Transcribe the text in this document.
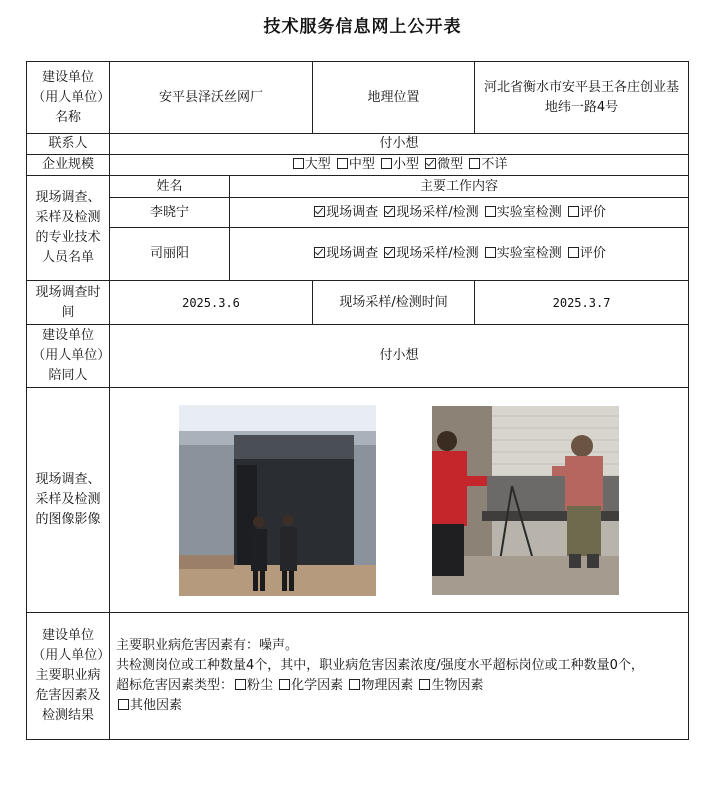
技术服务信息网上公开表
建设单位（用人单位）名称	安平县泽沃丝网厂		地理位置	河北省衡水市安平县王各庄创业基地纬一路4号
联系人	付小想			
企业规模	大型 中型 小型 微型 不详			
现场调查、采样及检测的专业技术人员名单	姓名	主要工作内容		
	李晓宁	现场调查 现场采样/检测 实验室检测 评价		
	司丽阳	现场调查 现场采样/检测 实验室检测 评价		
现场调查时间	2025.3.6		现场采样/检测时间	2025.3.7
建设单位（用人单位）陪同人	付小想			
现场调查、采样及检测的图像影像	
建设单位（用人单位）主要职业病危害因素及检测结果	主要职业病危害因素有：噪声。
共检测岗位或工种数量4个，其中，职业病危害因素浓度/强度水平超标岗位或工种数量0个，
超标危害因素类型： 粉尘 化学因素 物理因素 生物因素
其他因素			
